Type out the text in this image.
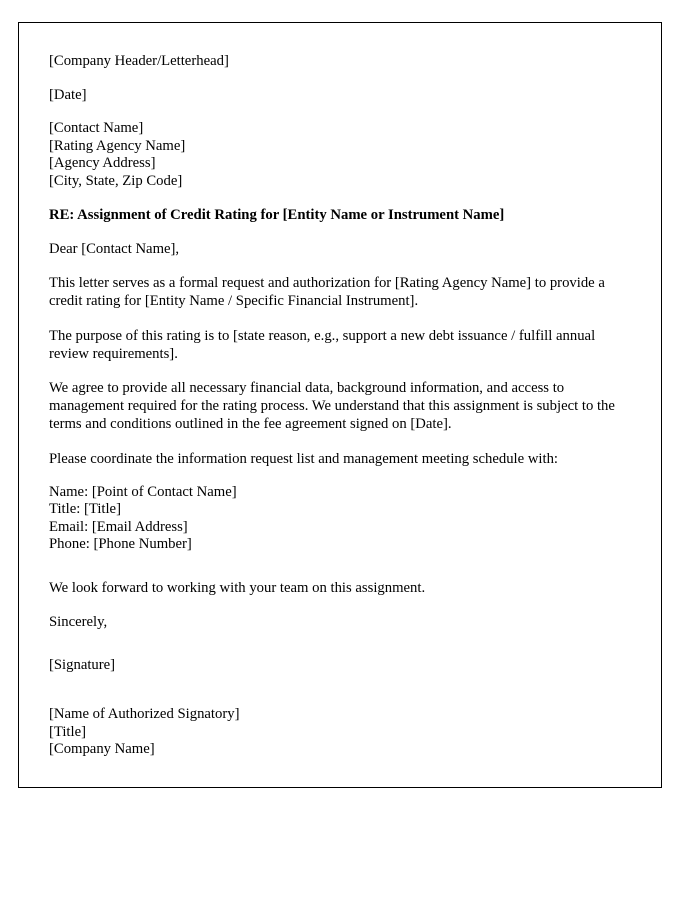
[Company Header/Letterhead]
[Date]
[Contact Name]
[Rating Agency Name]
[Agency Address]
[City, State, Zip Code]
RE: Assignment of Credit Rating for [Entity Name or Instrument Name]
Dear [Contact Name],
This letter serves as a formal request and authorization for [Rating Agency Name] to provide a credit rating for [Entity Name / Specific Financial Instrument].
The purpose of this rating is to [state reason, e.g., support a new debt issuance / fulfill annual review requirements].
We agree to provide all necessary financial data, background information, and access to management required for the rating process. We understand that this assignment is subject to the terms and conditions outlined in the fee agreement signed on [Date].
Please coordinate the information request list and management meeting schedule with:
Name: [Point of Contact Name]
Title: [Title]
Email: [Email Address]
Phone: [Phone Number]
We look forward to working with your team on this assignment.
Sincerely,
[Signature]
[Name of Authorized Signatory]
[Title]
[Company Name]
